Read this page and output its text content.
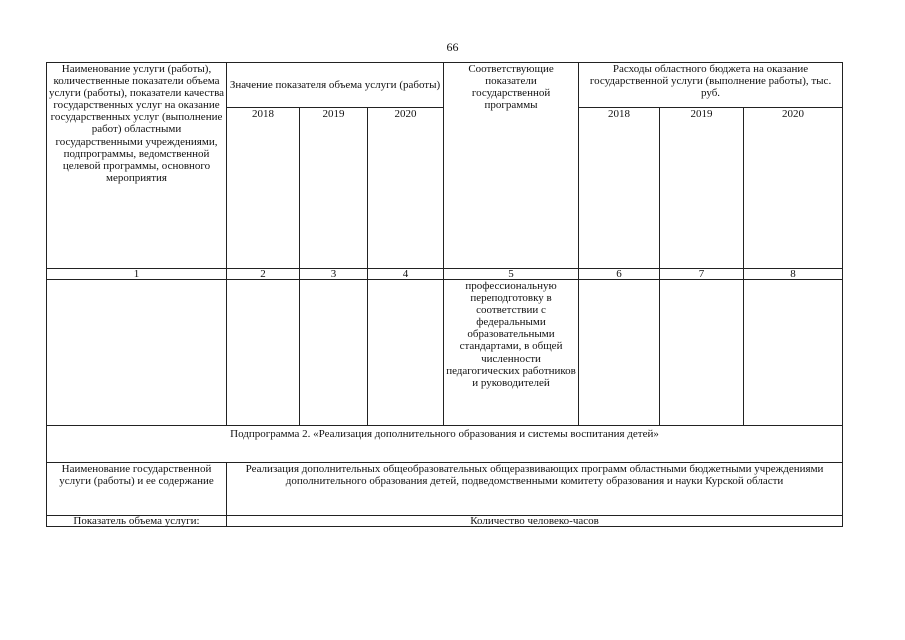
66
Наименование услуги (работы), количественные показатели объема услуги (работы), показатели качества государственных услуг на оказание государственных услуг (выполнение работ) областными государственными учреждениями, подпрограммы, ведомственной целевой программы, основного мероприятия	Значение показателя объема услуги (работы)			Соответствующие показатели государственной программы	Расходы областного бюджета на оказание государственной услуги (выполнение работы), тыс. руб.		
	2018	2019	2020		2018	2019	2020
1	2	3	4	5	6	7	8
				профессиональную переподготовку в соответствии с федеральными образовательными стандартами, в общей численности педагогических работников и руководителей			
Подпрограмма 2. «Реализация дополнительного образования и системы воспитания детей»							
Наименование государственной услуги (работы) и ее содержание	Реализация дополнительных общеобразовательных общеразвивающих программ областными бюджетными учреждениями дополнительного образования детей, подведомственными комитету образования и науки Курской области						
Показатель объема услуги:	Количество человеко-часов						
